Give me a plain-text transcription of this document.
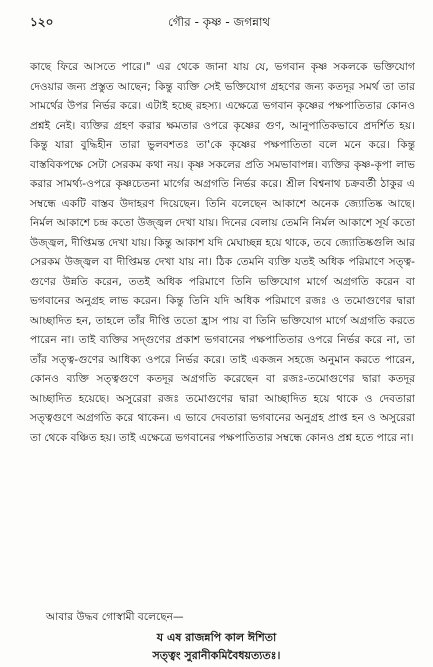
১২০	গৌর - কৃষ্ণ - জগন্নাথ

কাছে ফিরে আসতে পারে।" এর থেকে জানা যায় যে, ভগবান কৃষ্ণ সকলকে ভক্তিযোগ দেওয়ার জন্য প্রস্তুত আছেন; কিন্তু ব্যক্তি সেই ভক্তিযোগ গ্রহণের জন্য কতদূর সমর্থ তা তার সামর্থের উপর নির্ভর করে। এটাই হচ্ছে রহস্য। এক্ষেত্রে ভগবান কৃষ্ণের পক্ষপাতিতার কোনও প্রশ্নই নেই। ব্যক্তির গ্রহণ করার ক্ষমতার ওপরে কৃষ্ণের গুণ, আনুপাতিকভাবে প্রদর্শিত হয়। কিন্তু যারা বুদ্ধিহীন তারা ভুলবশতঃ তা'কে কৃষ্ণের পক্ষপাতিতা বলে মনে করে। কিন্তু বাস্তবিকপক্ষে সেটা সেরকম কথা নয়। কৃষ্ণ সকলের প্রতি সমভাবাপন্ন। ব্যক্তির কৃষ্ণ-কৃপা লাভ করার সামর্থ্য-ওপরে কৃষ্ণচেতনা মার্গের অগ্রগতি নির্ভর করে। শ্রীল বিশ্বনাথ চক্রবর্তী ঠাকুর এ সম্বন্ধে একটি বাস্তব উদাহরণ দিয়েছেন। তিনি বলেছেন আকাশে অনেক জ্যোতিষ্ক আছে। নির্মল আকাশে চন্দ্র কতো উজ্জ্বল দেখা যায়। দিনের বেলায় তেমনি নির্মল আকাশে সূর্য কতো উজ্জ্বল, দীপ্তিমন্ত দেখা যায়। কিন্তু আকাশ যদি মেঘাচ্ছন্ন হয়ে থাকে, তবে জ্যোতিষ্কগুলি আর সেরকম উজ্জ্বল বা দীপ্তিমন্ত দেখা যায় না। ঠিক তেমনি ব্যক্তি যতই অধিক পরিমাণে সত্ত্ব-গুণের উন্নতি করেন, ততই অধিক পরিমাণে তিনি ভক্তিযোগ মার্গে অগ্রগতি করেন বা ভগবানের অনুগ্রহ লাভ করেন। কিন্তু তিনি যদি অধিক পরিমাণে রজঃ ও তমোগুণের দ্বারা আচ্ছাদিত হন, তাহলে তাঁর দীপ্তি ততো হ্রাস পায় বা তিনি ভক্তিযোগ মার্গে অগ্রগতি করতে পারেন না। তাই ব্যক্তির সদ্গুণের প্রকাশ ভগবানের পক্ষপাতিতার ওপরে নির্ভর করে না, তা তাঁর সত্ত্ব-গুণের আধিক্য ওপরে নির্ভর করে। তাই একজন সহজে অনুমান করতে পারেন, কোনও ব্যক্তি সত্ত্বগুণে কতদূর অগ্রগতি করেছেন বা রজঃ-তমোগুণের দ্বারা কতদূর আচ্ছাদিত হয়েছে। অসুরেরা রজঃ তমোগুণের দ্বারা আচ্ছাদিত হয়ে থাকে ও দেবতারা সত্ত্বগুণে অগ্রগতি করে থাকেন। এ ভাবে দেবতারা ভগবানের অনুগ্রহ প্রাপ্ত হন ও অসুরেরা তা থেকে বঞ্চিত হয়। তাই এক্ষেত্রে ভগবানের পক্ষপাতিতার সম্বন্ধে কোনও প্রশ্ন হতে পারে না।

আবার উদ্ধব গোস্বামী বলেছেন—
য এষ রাজন্নপি কাল ঈশিতা
সত্ত্বং সুরানীকমিবৈধয়ত্যতঃ।
